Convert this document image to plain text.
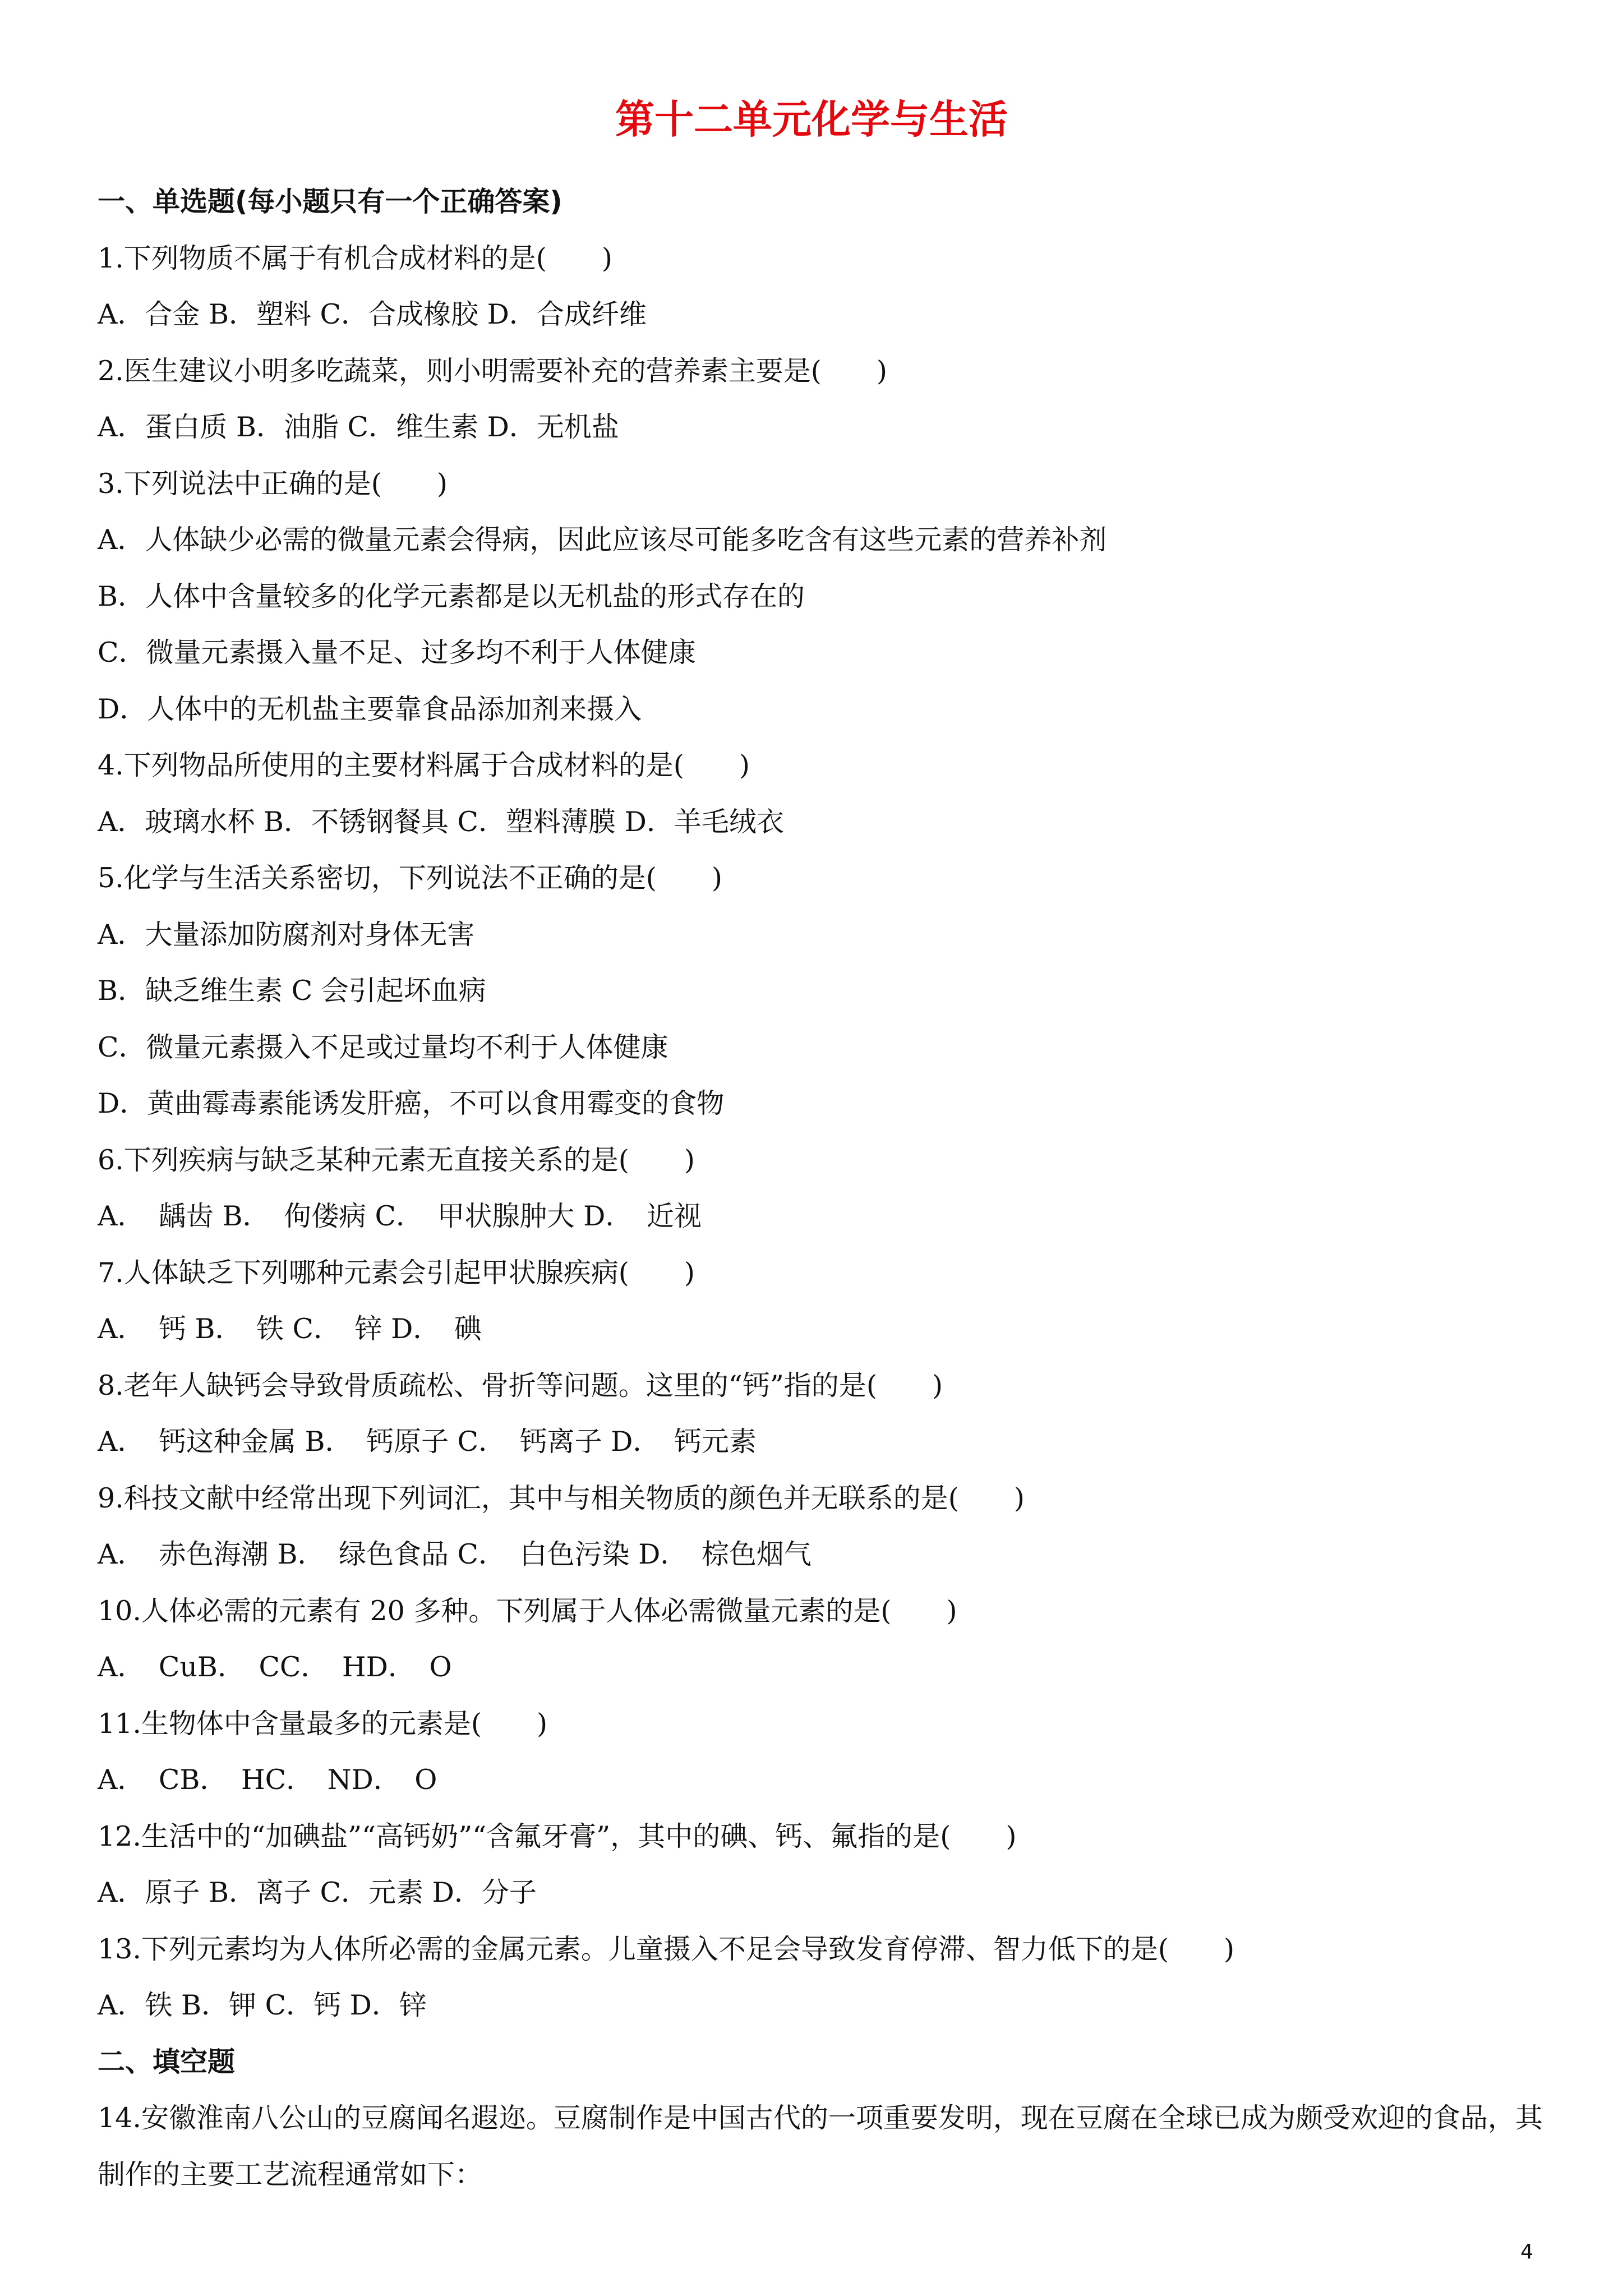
第十二单元化学与生活
一、单选题(每小题只有一个正确答案)
1.下列物质不属于有机合成材料的是(　　)
A．合金 B．塑料 C．合成橡胶 D．合成纤维
2.医生建议小明多吃蔬菜，则小明需要补充的营养素主要是(　　)
A．蛋白质 B．油脂 C．维生素 D．无机盐
3.下列说法中正确的是(　　)
A．人体缺少必需的微量元素会得病，因此应该尽可能多吃含有这些元素的营养补剂
B．人体中含量较多的化学元素都是以无机盐的形式存在的
C．微量元素摄入量不足、过多均不利于人体健康
D．人体中的无机盐主要靠食品添加剂来摄入
4.下列物品所使用的主要材料属于合成材料的是(　　)
A．玻璃水杯 B．不锈钢餐具 C．塑料薄膜 D．羊毛绒衣
5.化学与生活关系密切，下列说法不正确的是(　　)
A．大量添加防腐剂对身体无害
B．缺乏维生素 C 会引起坏血病
C．微量元素摄入不足或过量均不利于人体健康
D．黄曲霉毒素能诱发肝癌，不可以食用霉变的食物
6.下列疾病与缺乏某种元素无直接关系的是(　　)
A．　龋齿 B．　佝偻病 C．　甲状腺肿大 D．　近视
7.人体缺乏下列哪种元素会引起甲状腺疾病(　　)
A．　钙 B．　铁 C．　锌 D．　碘
8.老年人缺钙会导致骨质疏松、骨折等问题。这里的“钙”指的是(　　)
A．　钙这种金属 B．　钙原子 C．　钙离子 D．　钙元素
9.科技文献中经常出现下列词汇，其中与相关物质的颜色并无联系的是(　　)
A．　赤色海潮 B．　绿色食品 C．　白色污染 D．　棕色烟气
10.人体必需的元素有 20 多种。下列属于人体必需微量元素的是(　　)
A．　CuB．　CC．　HD．　O
11.生物体中含量最多的元素是(　　)
A．　CB．　HC．　ND．　O
12.生活中的“加碘盐”“高钙奶”“含氟牙膏”，其中的碘、钙、氟指的是(　　)
A．原子 B．离子 C．元素 D．分子
13.下列元素均为人体所必需的金属元素。儿童摄入不足会导致发育停滞、智力低下的是(　　)
A．铁 B．钾 C．钙 D．锌
二、填空题
14.安徽淮南八公山的豆腐闻名遐迩。豆腐制作是中国古代的一项重要发明，现在豆腐在全球已成为颇受欢迎的食品，其制作的主要工艺流程通常如下：
4
